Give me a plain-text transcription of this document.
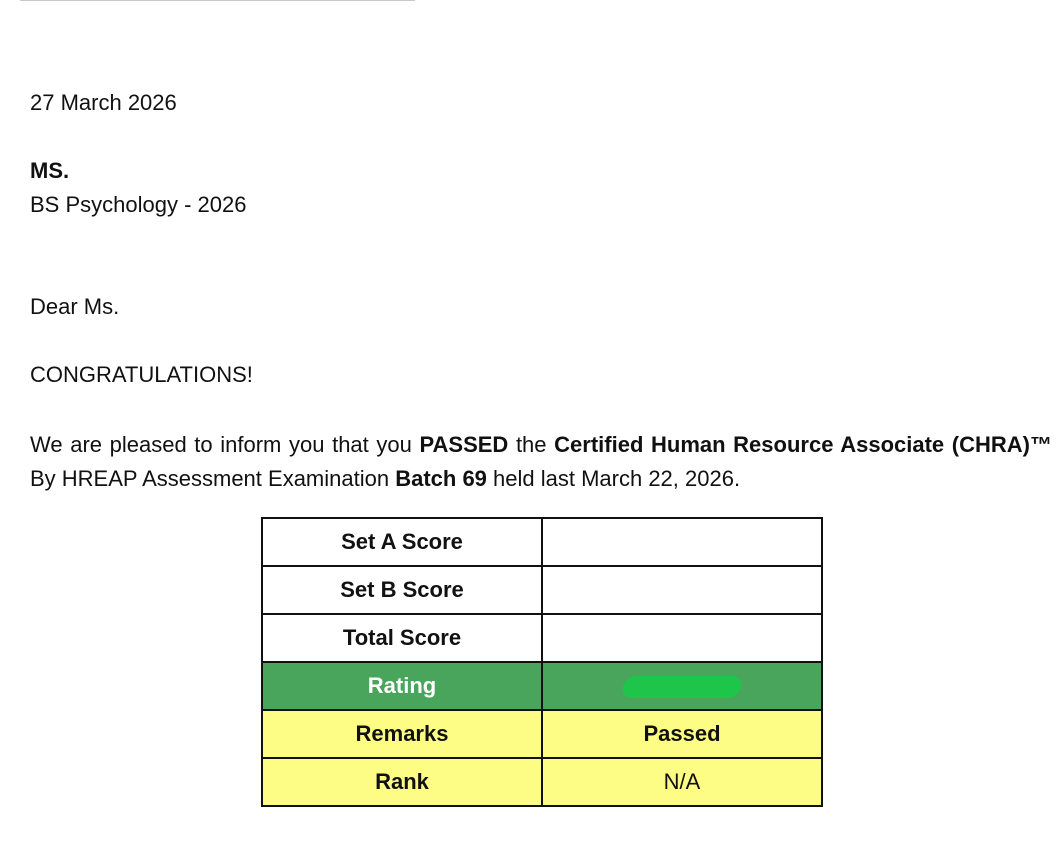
27 March 2026
MS.
BS Psychology - 2026
Dear Ms.
CONGRATULATIONS!
We are pleased to inform you that you PASSED the Certified Human Resource Associate (CHRA)™ By HREAP Assessment Examination Batch 69 held last March 22, 2026.
Set A Score	
Set B Score	
Total Score	
Rating	
Remarks	Passed
Rank	N/A
